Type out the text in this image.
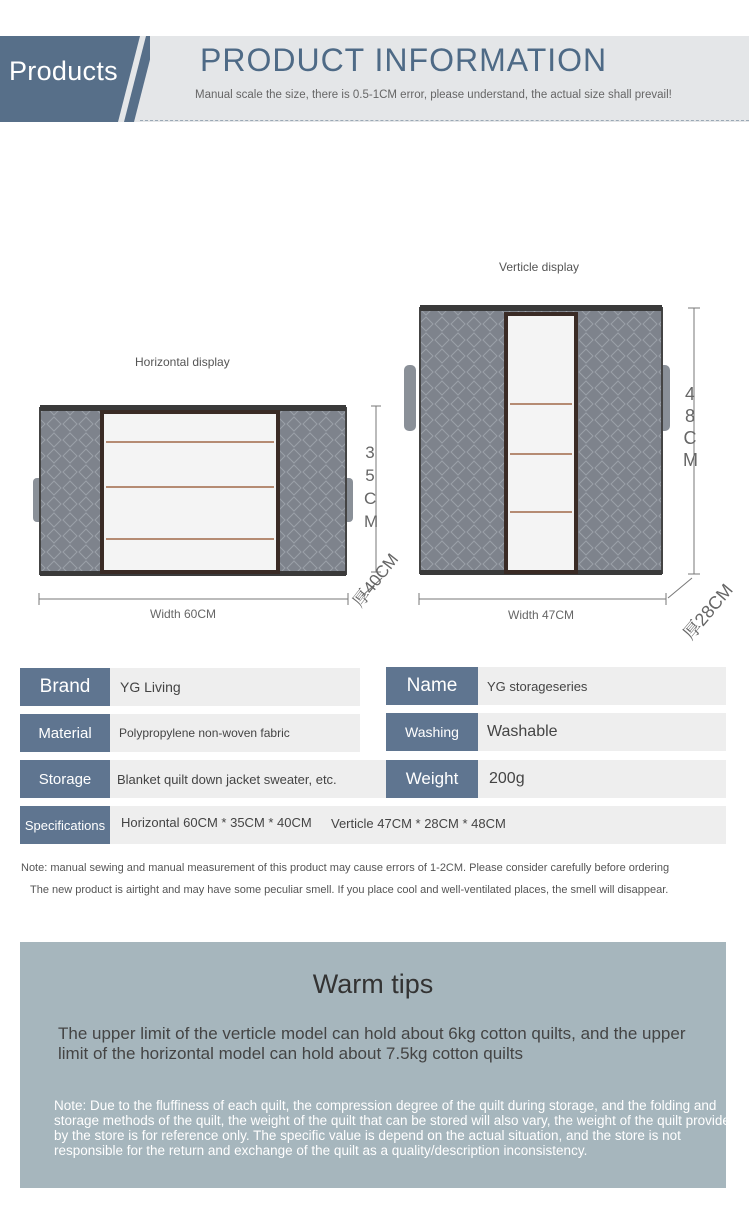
Products	PRODUCT INFORMATION
Manual scale the size, there is 0.5-1CM error, please understand, the actual size shall prevail!
Horizontal display
Verticle display
35CM
Width 60CM
厚40CM
48CM
Width 47CM	厚28CM
Brand	YG Living	Name	YG storageseries
Material	Polypropylene non-woven fabric	Washing	Washable
Storage	Blanket quilt down jacket sweater, etc.	Weight	200g
Specifications	Horizontal 60CM * 35CM * 40CM Verticle 47CM * 28CM * 48CM
Note: manual sewing and manual measurement of this product may cause errors of 1-2CM. Please consider carefully before ordering
The new product is airtight and may have some peculiar smell. If you place cool and well-ventilated places, the smell will disappear.
Warm tips
The upper limit of the verticle model can hold about 6kg cotton quilts, and the upper limit of the horizontal model can hold about 7.5kg cotton quilts
Note: Due to the fluffiness of each quilt, the compression degree of the quilt during storage, and the folding and storage methods of the quilt, the weight of the quilt that can be stored will also vary, the weight of the quilt provided by the store is for reference only. The specific value is depend on the actual situation, and the store is not responsible for the return and exchange of the quilt as a quality/description inconsistency.
